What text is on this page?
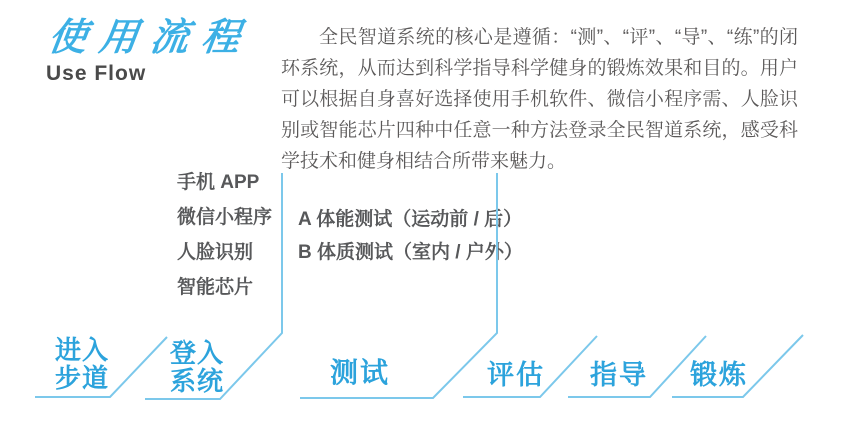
使用流程
Use Flow

全民智道系统的核心是遵循：“测”、“评”、“导”、“练”的闭环系统，从而达到科学指导科学健身的锻炼效果和目的。用户可以根据自身喜好选择使用手机软件、微信小程序需、人脸识别或智能芯片四种中任意一种方法登录全民智道系统，感受科学技术和健身相结合所带来魅力。

手机 APP
微信小程序
人脸识别
智能芯片
A 体能测试（运动前 / 后）
B 体质测试（室内 / 户外）
进入
步道
登入
系统	测试	评估 指导 锻炼
